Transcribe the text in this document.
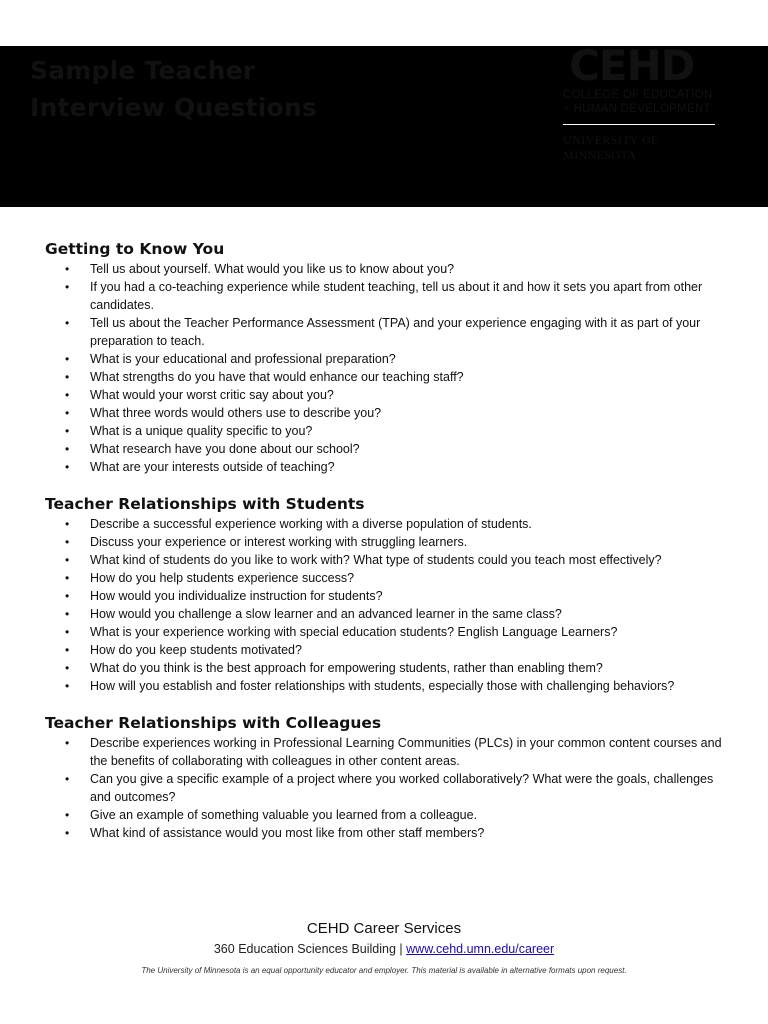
Sample Teacher
Interview Questions
CEHD
COLLEGE OF EDUCATION
+ HUMAN DEVELOPMENT
UNIVERSITY OF MINNESOTA
Getting to Know You
• Tell us about yourself. What would you like us to know about you?
• If you had a co-teaching experience while student teaching, tell us about it and how it sets you apart from other candidates.
• Tell us about the Teacher Performance Assessment (TPA) and your experience engaging with it as part of your preparation to teach.
• What is your educational and professional preparation?
• What strengths do you have that would enhance our teaching staff?
• What would your worst critic say about you?
• What three words would others use to describe you?
• What is a unique quality specific to you?
• What research have you done about our school?
• What are your interests outside of teaching?
Teacher Relationships with Students
• Describe a successful experience working with a diverse population of students.
• Discuss your experience or interest working with struggling learners.
• What kind of students do you like to work with? What type of students could you teach most effectively?
• How do you help students experience success?
• How would you individualize instruction for students?
• How would you challenge a slow learner and an advanced learner in the same class?
• What is your experience working with special education students? English Language Learners?
• How do you keep students motivated?
• What do you think is the best approach for empowering students, rather than enabling them?
• How will you establish and foster relationships with students, especially those with challenging behaviors?
Teacher Relationships with Colleagues
• Describe experiences working in Professional Learning Communities (PLCs) in your common content courses and the benefits of collaborating with colleagues in other content areas.
• Can you give a specific example of a project where you worked collaboratively? What were the goals, challenges and outcomes?
• Give an example of something valuable you learned from a colleague.
• What kind of assistance would you most like from other staff members?
CEHD Career Services
360 Education Sciences Building | www.cehd.umn.edu/career
The University of Minnesota is an equal opportunity educator and employer. This material is available in alternative formats upon request.
